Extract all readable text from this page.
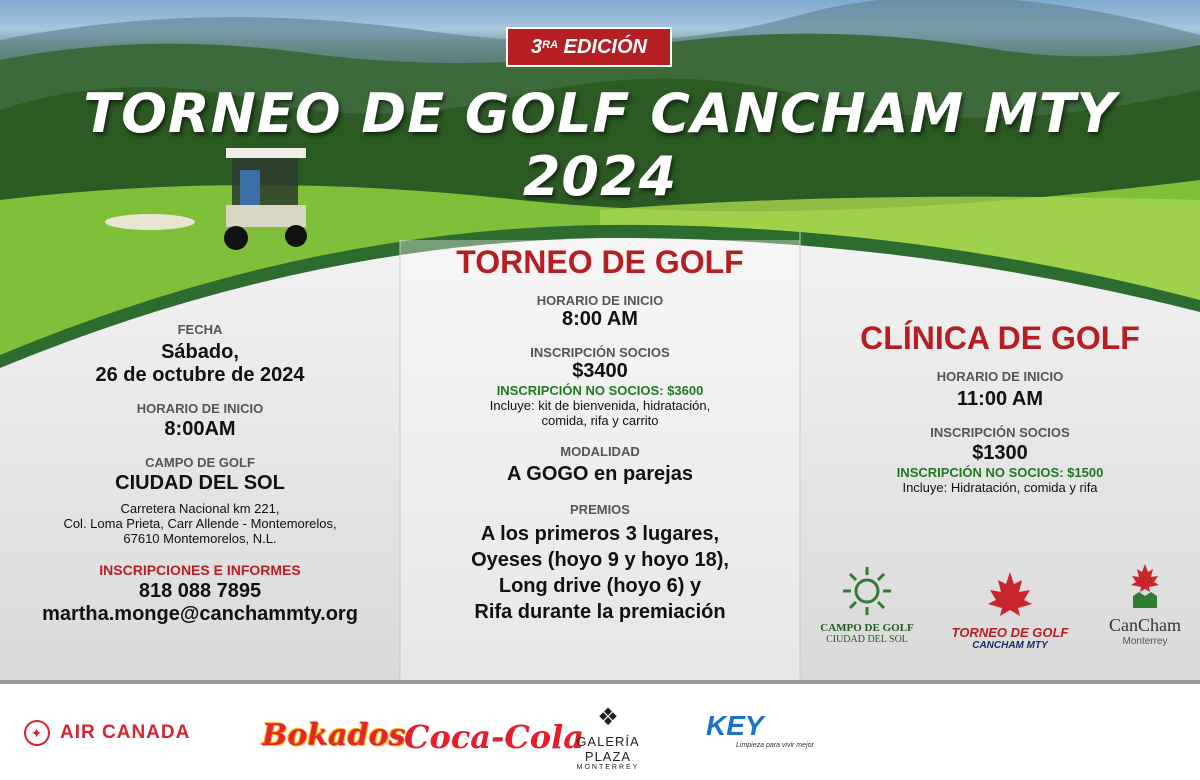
$3^{RA}$ EDICIÓN
TORNEO DE GOLF CANCHAM MTY 2024
FECHA
Sábado,
26 de octubre de 2024
HORARIO DE INICIO
8:00AM
CAMPO DE GOLF
CIUDAD DEL SOL
Carretera Nacional km 221,
Col. Loma Prieta, Carr Allende - Montemorelos,
67610 Montemorelos, N.L.
INSCRIPCIONES E INFORMES
818 088 7895
martha.monge@canchammty.org
TORNEO DE GOLF
HORARIO DE INICIO
8:00 AM
INSCRIPCIÓN SOCIOS
$3400
INSCRIPCIÓN NO SOCIOS: $3600
Incluye: kit de bienvenida, hidratación,
comida, rifa y carrito
MODALIDAD
A GOGO en parejas
PREMIOS
A los primeros 3 lugares,
Oyeses (hoyo 9 y hoyo 18),
Long drive (hoyo 6) y
Rifa durante la premiación
CLÍNICA DE GOLF
HORARIO DE INICIO
11:00 AM
INSCRIPCIÓN SOCIOS
$1300
INSCRIPCIÓN NO SOCIOS: $1500
Incluye: Hidratación, comida y rifa
CAMPO DE GOLF
CIUDAD DEL SOL	TORNEO DE GOLF
CANCHAM MTY
CanCham
Monterrey
✦ AIR CANADA Bokados
Coca-Cola
❖
GALERÍA PLAZA
MONTERREY
KEY
Limpieza para vivir mejor
